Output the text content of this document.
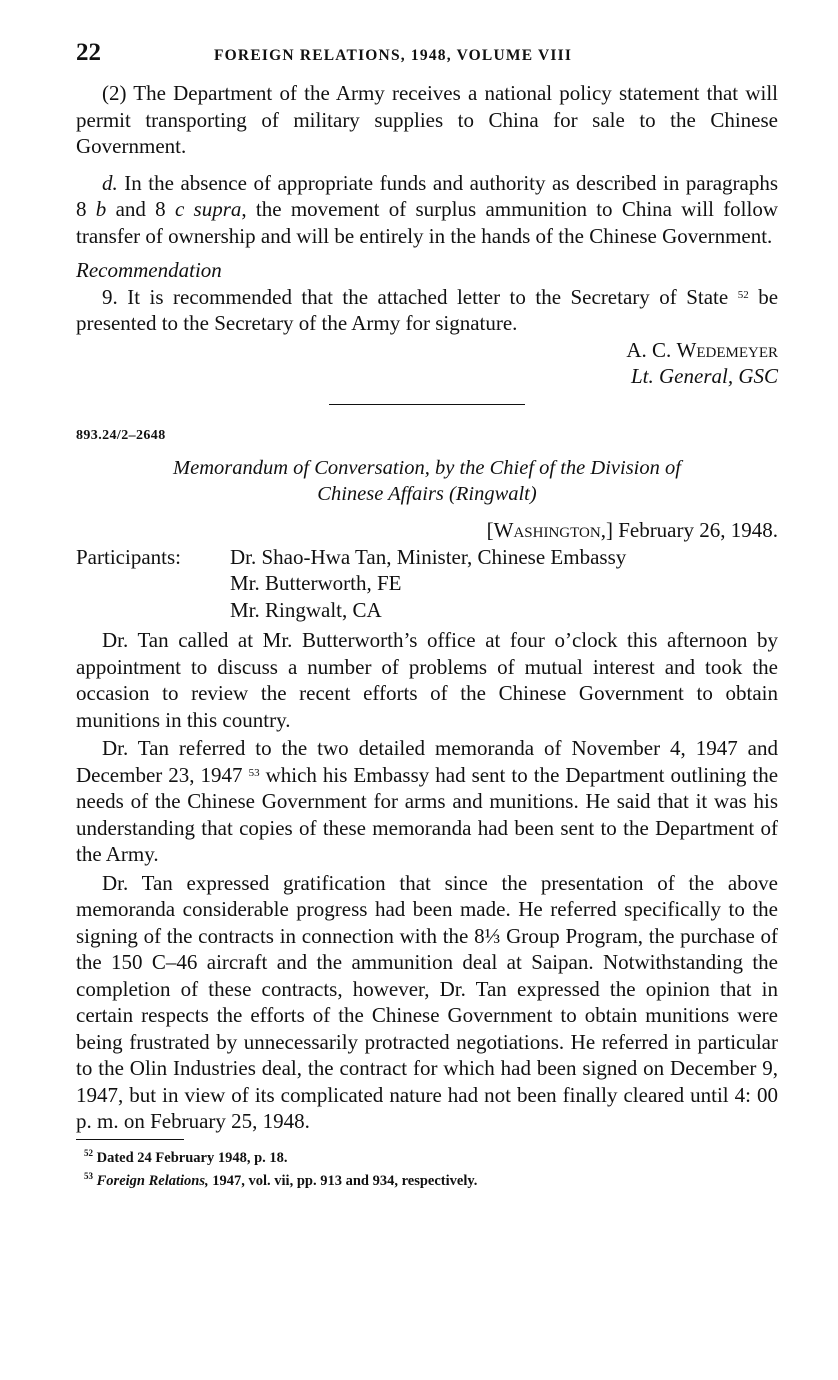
22	FOREIGN RELATIONS, 1948, VOLUME VIII

(2) The Department of the Army receives a national policy statement that will permit transporting of military supplies to China for sale to the Chinese Government.

d. In the absence of appropriate funds and authority as described in paragraphs 8 b and 8 c supra, the movement of surplus ammunition to China will follow transfer of ownership and will be entirely in the hands of the Chinese Government.

Recommendation

9. It is recommended that the attached letter to the Secretary of State $^{52}$ be presented to the Secretary of the Army for signature.

A. C. Wedemeyer
Lt. General, GSC
893.24/2–2648
Memorandum of Conversation, by the Chief of the Division of
Chinese Affairs (Ringwalt)
[Washington,] February 26, 1948.
Participants:	Dr. Shao-Hwa Tan, Minister, Chinese Embassy
Mr. Butterworth, FE
Mr. Ringwalt, CA

Dr. Tan called at Mr. Butterworth’s office at four o’clock this afternoon by appointment to discuss a number of problems of mutual interest and took the occasion to review the recent efforts of the Chinese Government to obtain munitions in this country.

Dr. Tan referred to the two detailed memoranda of November 4, 1947 and December 23, 1947 $^{53}$ which his Embassy had sent to the Department outlining the needs of the Chinese Government for arms and munitions. He said that it was his understanding that copies of these memoranda had been sent to the Department of the Army.

Dr. Tan expressed gratification that since the presentation of the above memoranda considerable progress had been made. He referred specifically to the signing of the contracts in connection with the 8⅓ Group Program, the purchase of the 150 C–46 aircraft and the ammunition deal at Saipan. Notwithstanding the completion of these contracts, however, Dr. Tan expressed the opinion that in certain respects the efforts of the Chinese Government to obtain munitions were being frustrated by unnecessarily protracted negotiations. He referred in particular to the Olin Industries deal, the contract for which had been signed on December 9, 1947, but in view of its complicated nature had not been finally cleared until 4: 00 p. m. on February 25, 1948.

$^{52}$ Dated 24 February 1948, p. 18.
$^{53}$ Foreign Relations, 1947, vol. vii, pp. 913 and 934, respectively.
